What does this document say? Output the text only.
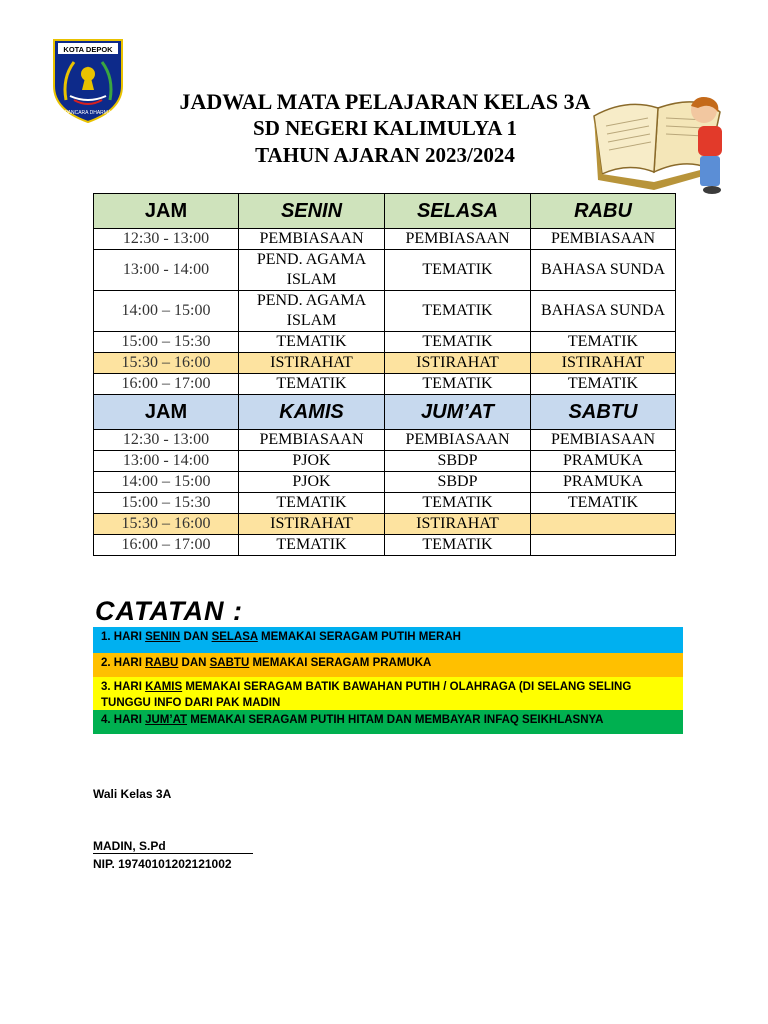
KOTA DEPOK
PANCARA DHARMA	JADWAL MATA PELAJARAN KELAS 3A
SD NEGERI KALIMULYA 1
TAHUN AJARAN 2023/2024
JAM	SENIN	SELASA	RABU
12:30 - 13:00	PEMBIASAAN	PEMBIASAAN	PEMBIASAAN
13:00 - 14:00	PEND. AGAMA ISLAM	TEMATIK	BAHASA SUNDA
14:00 – 15:00	PEND. AGAMA ISLAM	TEMATIK	BAHASA SUNDA
15:00 – 15:30	TEMATIK	TEMATIK	TEMATIK
15:30 – 16:00	ISTIRAHAT	ISTIRAHAT	ISTIRAHAT
16:00 – 17:00	TEMATIK	TEMATIK	TEMATIK
JAM	KAMIS	JUM’AT	SABTU
12:30 - 13:00	PEMBIASAAN	PEMBIASAAN	PEMBIASAAN
13:00 - 14:00	PJOK	SBDP	PRAMUKA
14:00 – 15:00	PJOK	SBDP	PRAMUKA
15:00 – 15:30	TEMATIK	TEMATIK	TEMATIK
15:30 – 16:00	ISTIRAHAT	ISTIRAHAT	
16:00 – 17:00	TEMATIK	TEMATIK	
CATATAN :
1. HARI SENIN DAN SELASA MEMAKAI SERAGAM PUTIH MERAH
2. HARI RABU DAN SABTU MEMAKAI SERAGAM PRAMUKA
3. HARI KAMIS MEMAKAI SERAGAM BATIK BAWAHAN PUTIH / OLAHRAGA (DI SELANG SELING TUNGGU INFO DARI PAK MADIN
4. HARI JUM’AT MEMAKAI SERAGAM PUTIH HITAM DAN MEMBAYAR INFAQ SEIKHLASNYA
Wali Kelas 3A
MADIN, S.Pd
NIP. 19740101202121002
